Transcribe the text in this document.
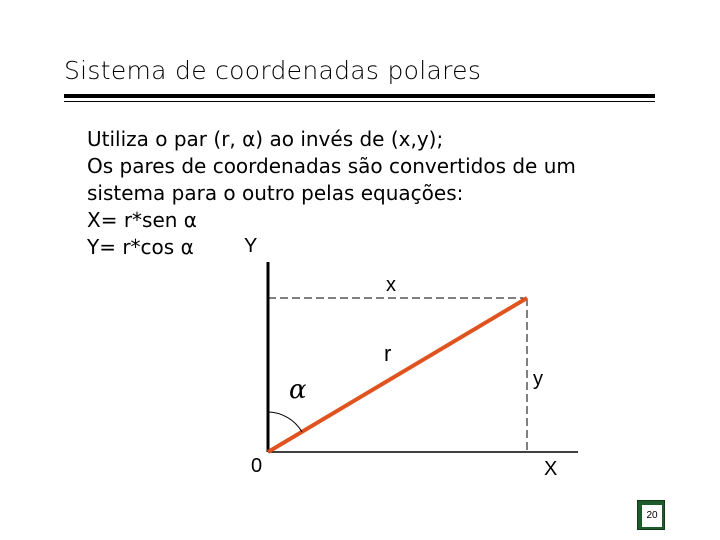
Sistema de coordenadas polares
Utiliza o par (r, α) ao invés de (x,y);
Os pares de coordenadas são convertidos de um
sistema para o outro pelas equações:
X= r*sen α
Y= r*cos α	Y
X
0
r
x
y
α
20
